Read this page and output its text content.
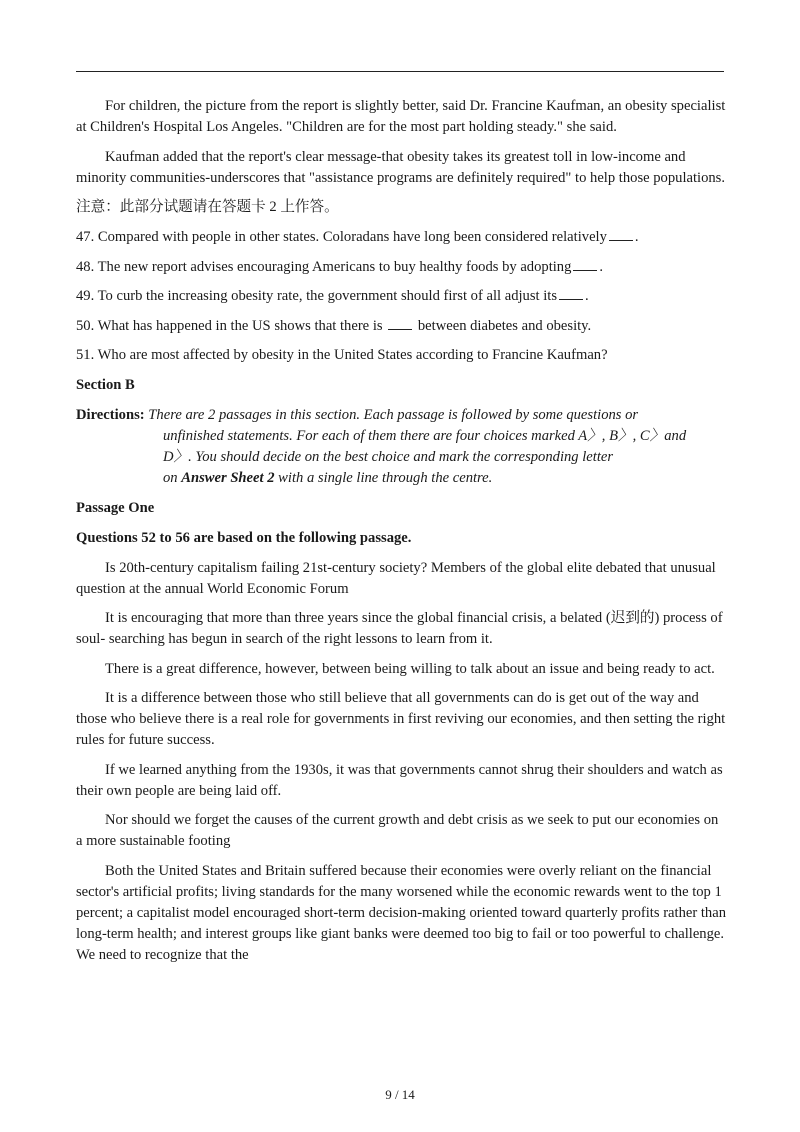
For children, the picture from the report is slightly better, said Dr. Francine Kaufman, an obesity specialist at Children's Hospital Los Angeles. "Children are for the most part holding steady." she said.

Kaufman added that the report's clear message-that obesity takes its greatest toll in low-income and minority communities-underscores that "assistance programs are definitely required" to help those populations.

注意：此部分试题请在答题卡 2 上作答。

47. Compared with people in other states. Coloradans have long been considered relatively .

48. The new report advises encouraging Americans to buy healthy foods by adopting .

49. To curb the increasing obesity rate, the government should first of all adjust its .

50. What has happened in the US shows that there is  between diabetes and obesity.

51. Who are most affected by obesity in the United States according to Francine Kaufman?

Section B

Directions: There are 2 passages in this section. Each passage is followed by some questions or
unfinished statements. For each of them there are four choices marked A〉, B〉, C〉and
D〉. You should decide on the best choice and mark the corresponding letter
on Answer Sheet 2 with a single line through the centre.

Passage One

Questions 52 to 56 are based on the following passage.

Is 20th-century capitalism failing 21st-century society? Members of the global elite debated that unusual question at the annual World Economic Forum

It is encouraging that more than three years since the global financial crisis, a belated (迟到的) process of soul- searching has begun in search of the right lessons to learn from it.

There is a great difference, however, between being willing to talk about an issue and being ready to act.

It is a difference between those who still believe that all governments can do is get out of the way and those who believe there is a real role for governments in first reviving our economies, and then setting the right rules for future success.

If we learned anything from the 1930s, it was that governments cannot shrug their shoulders and watch as their own people are being laid off.

Nor should we forget the causes of the current growth and debt crisis as we seek to put our economies on a more sustainable footing

Both the United States and Britain suffered because their economies were overly reliant on the financial sector's artificial profits; living standards for the many worsened while the economic rewards went to the top 1 percent; a capitalist model encouraged short-term decision-making oriented toward quarterly profits rather than long-term health; and interest groups like giant banks were deemed too big to fail or too powerful to challenge. We need to recognize that the

9 / 14
